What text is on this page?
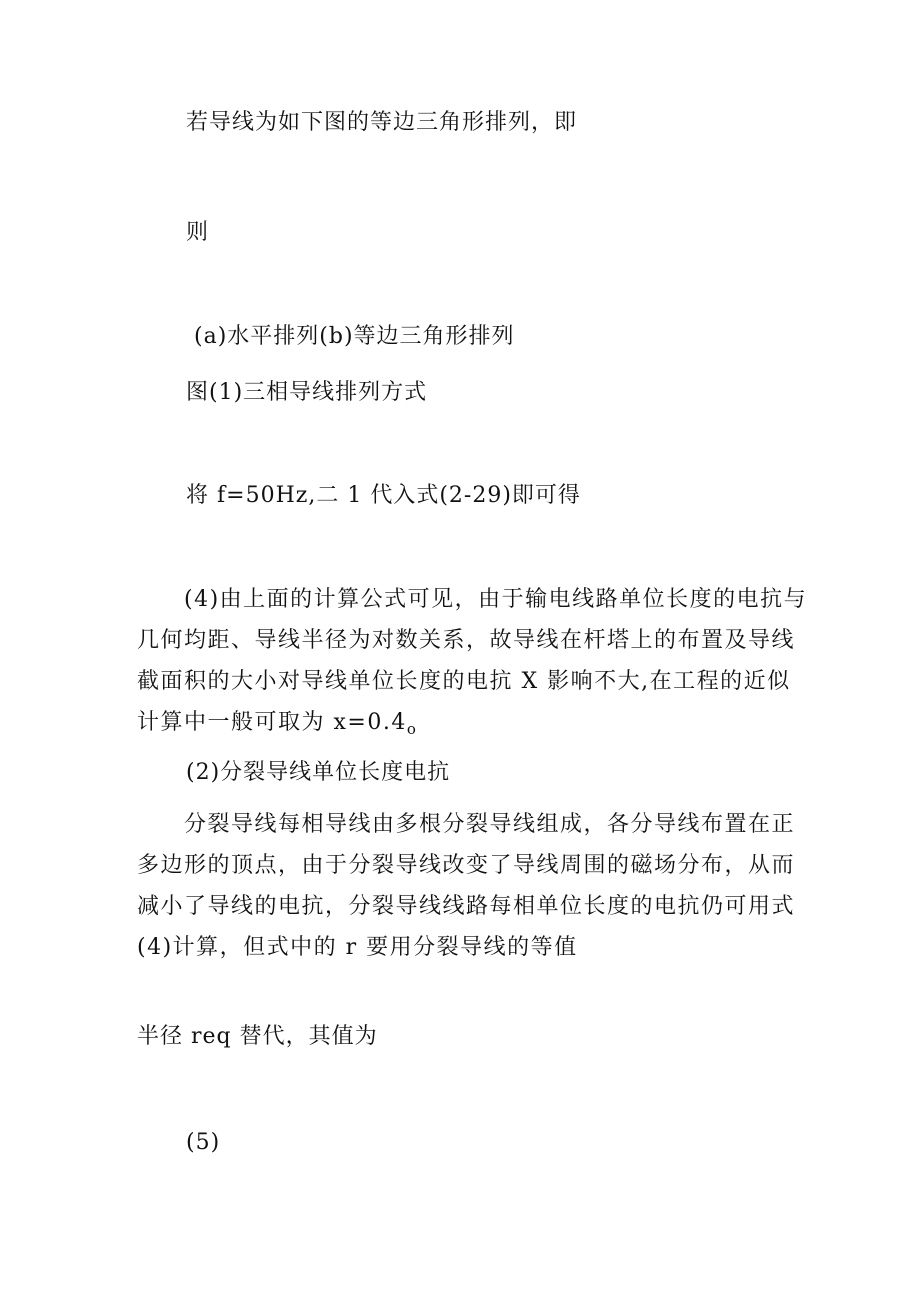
若导线为如下图的等边三角形排列，即
则
(a)水平排列(b)等边三角形排列
图(1)三相导线排列方式
将 f=50Hz,二 1 代入式(2-29)即可得
(4)由上面的计算公式可见，由于输电线路单位长度的电抗与
几何均距、导线半径为对数关系，故导线在杆塔上的布置及导线
截面积的大小对导线单位长度的电抗 X 影响不大,在工程的近似
计算中一般可取为 $x=0.4_o$
(2)分裂导线单位长度电抗
分裂导线每相导线由多根分裂导线组成，各分导线布置在正
多边形的顶点，由于分裂导线改变了导线周围的磁场分布，从而
减小了导线的电抗，分裂导线线路每相单位长度的电抗仍可用式
(4)计算，但式中的 r 要用分裂导线的等值
半径 req 替代，其值为
(5)
